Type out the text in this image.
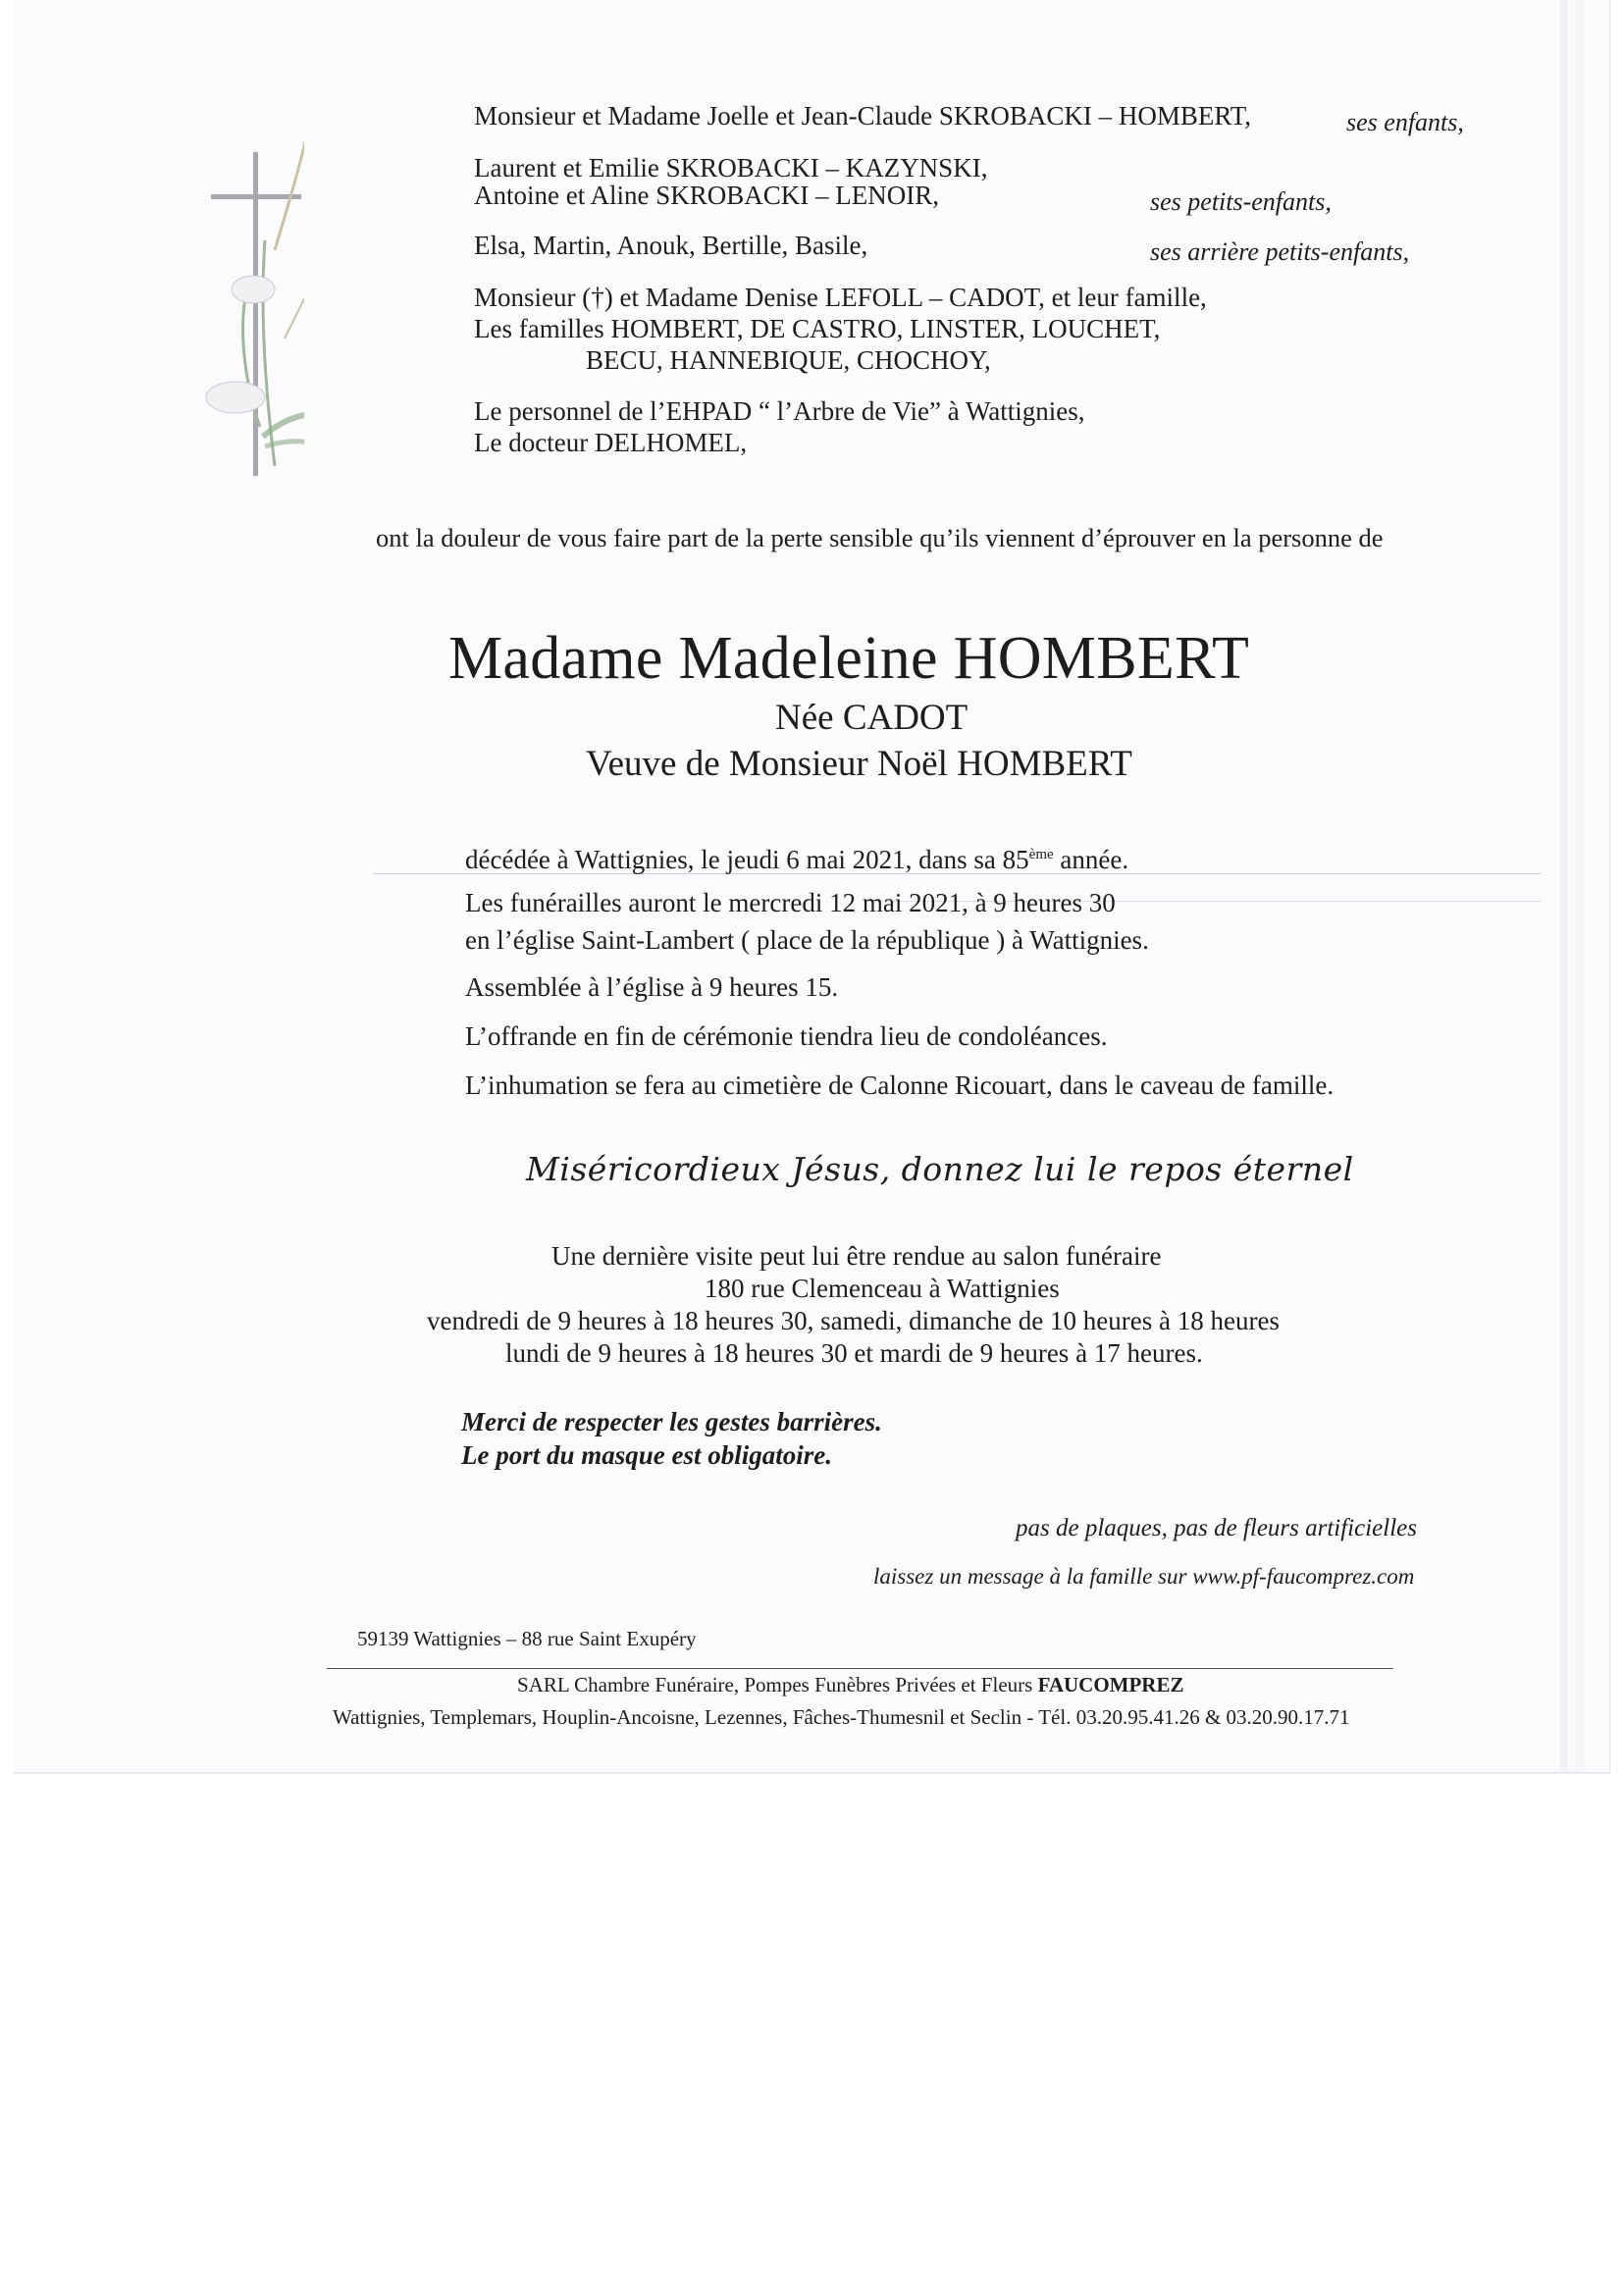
Monsieur et Madame Joelle et Jean-Claude SKROBACKI – HOMBERT,	ses enfants,
Laurent et Emilie SKROBACKI – KAZYNSKI,
Antoine et Aline SKROBACKI – LENOIR,	ses petits-enfants,
Elsa, Martin, Anouk, Bertille, Basile,	ses arrière petits-enfants,
Monsieur (†) et Madame Denise LEFOLL – CADOT, et leur famille,
Les familles HOMBERT, DE CASTRO, LINSTER, LOUCHET,
BECU, HANNEBIQUE, CHOCHOY,
Le personnel de l’EHPAD “ l’Arbre de Vie” à Wattignies,
Le docteur DELHOMEL,
ont la douleur de vous faire part de la perte sensible qu’ils viennent d’éprouver en la personne de
Madame Madeleine HOMBERT
Née CADOT
Veuve de Monsieur Noël HOMBERT
décédée à Wattignies, le jeudi 6 mai 2021, dans sa 85ème année.
Les funérailles auront le mercredi 12 mai 2021, à 9 heures 30
en l’église Saint-Lambert ( place de la république ) à Wattignies.
Assemblée à l’église à 9 heures 15.
L’offrande en fin de cérémonie tiendra lieu de condoléances.
L’inhumation se fera au cimetière de Calonne Ricouart, dans le caveau de famille.
Miséricordieux Jésus, donnez lui le repos éternel
Une dernière visite peut lui être rendue au salon funéraire
180 rue Clemenceau à Wattignies
vendredi de 9 heures à 18 heures 30, samedi, dimanche de 10 heures à 18 heures
lundi de 9 heures à 18 heures 30 et mardi de 9 heures à 17 heures.
Merci de respecter les gestes barrières.
Le port du masque est obligatoire.
pas de plaques, pas de fleurs artificielles
laissez un message à la famille sur www.pf-faucomprez.com
59139 Wattignies – 88 rue Saint Exupéry
SARL Chambre Funéraire, Pompes Funèbres Privées et Fleurs FAUCOMPREZ
Wattignies, Templemars, Houplin-Ancoisne, Lezennes, Fâches-Thumesnil et Seclin - Tél. 03.20.95.41.26 & 03.20.90.17.71
